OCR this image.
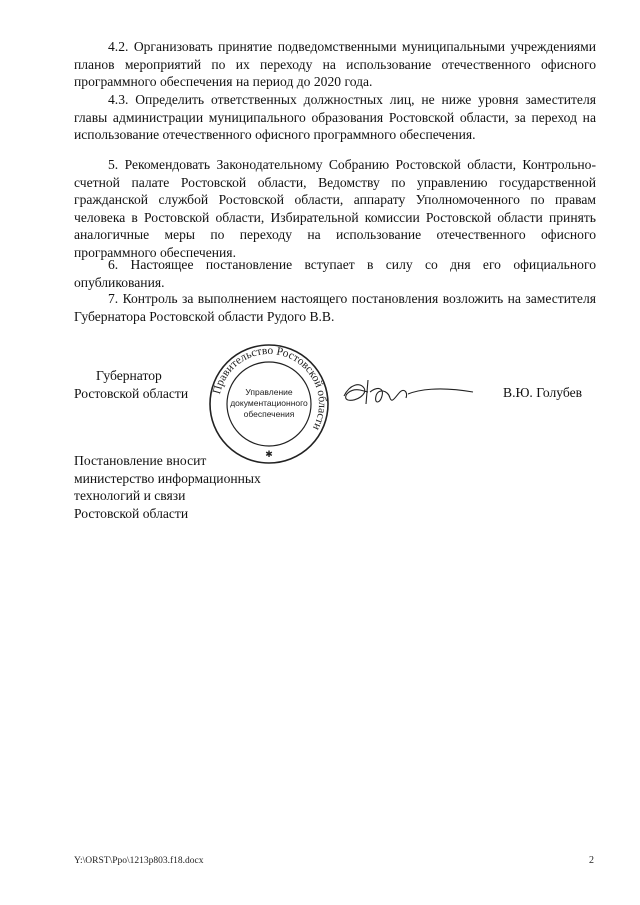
4.2. Организовать принятие подведомственными муниципальными учреждениями планов мероприятий по их переходу на использование отечественного офисного программного обеспечения на период до 2020 года.

4.3. Определить ответственных должностных лиц, не ниже уровня заместителя главы администрации муниципального образования Ростовской области, за переход на использование отечественного офисного программного обеспечения.

5. Рекомендовать Законодательному Собранию Ростовской области, Контрольно-счетной палате Ростовской области, Ведомству по управлению государственной гражданской службой Ростовской области, аппарату Уполномоченного по правам человека в Ростовской области, Избирательной комиссии Ростовской области принять аналогичные меры по переходу на использование отечественного офисного программного обеспечения.

6. Настоящее постановление вступает в силу со дня его официального опубликования.

7. Контроль за выполнением настоящего постановления возложить на заместителя Губернатора Ростовской области Рудого В.В.

Губернатор
Ростовской области Правительство Ростовской области
Управление
документационного
обеспечения
✱
В.Ю. Голубев
Постановление вносит
министерство информационных
технологий и связи
Ростовской области
Y:\ORST\Ppo\1213p803.f18.docx	2
